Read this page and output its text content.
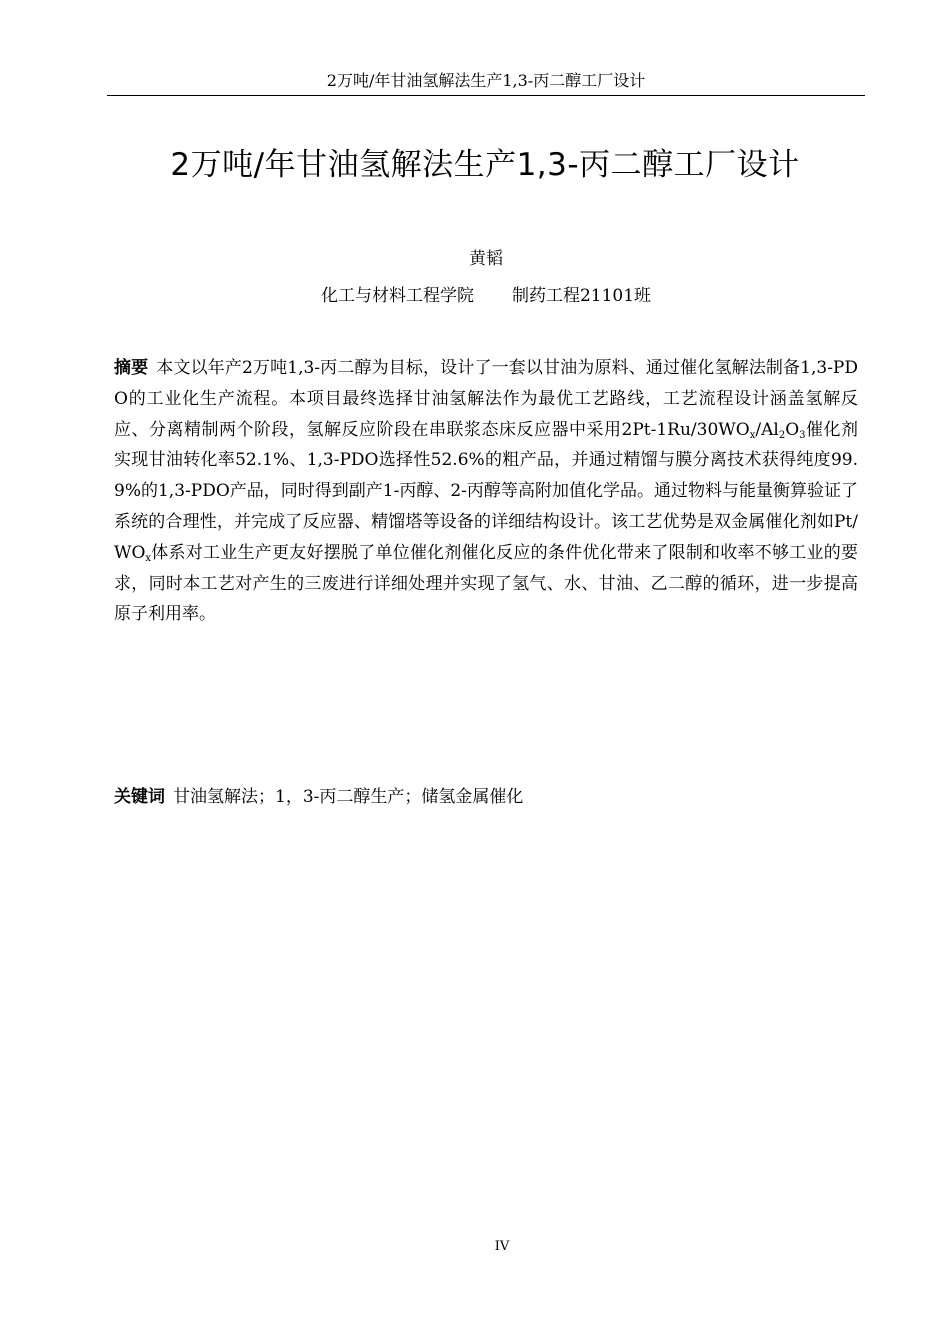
2万吨/年甘油氢解法生产1,3-丙二醇工厂设计
2万吨/年甘油氢解法生产1,3-丙二醇工厂设计
黄韬
化工与材料工程学院 制药工程21101班

摘要 本文以年产2万吨1,3-丙二醇为目标，设计了一套以甘油为原料、通过催化氢解法制备1,3-PDO的工业化生产流程。本项目最终选择甘油氢解法作为最优工艺路线，工艺流程设计涵盖氢解反应、分离精制两个阶段，氢解反应阶段在串联浆态床反应器中采用$2Pt-1Ru/30WO_x/Al_2O_3$催化剂实现甘油转化率52.1%、1,3-PDO选择性52.6%的粗产品，并通过精馏与膜分离技术获得纯度99.9%的1,3-PDO产品，同时得到副产1-丙醇、2-丙醇等高附加值化学品。通过物料与能量衡算验证了系统的合理性，并完成了反应器、精馏塔等设备的详细结构设计。该工艺优势是双金属催化剂如$Pt/WO_x$体系对工业生产更友好摆脱了单位催化剂催化反应的条件优化带来了限制和收率不够工业的要求，同时本工艺对产生的三废进行详细处理并实现了氢气、水、甘油、乙二醇的循环，进一步提高原子利用率。

关键词 甘油氢解法；1，3-丙二醇生产；储氢金属催化

IV
